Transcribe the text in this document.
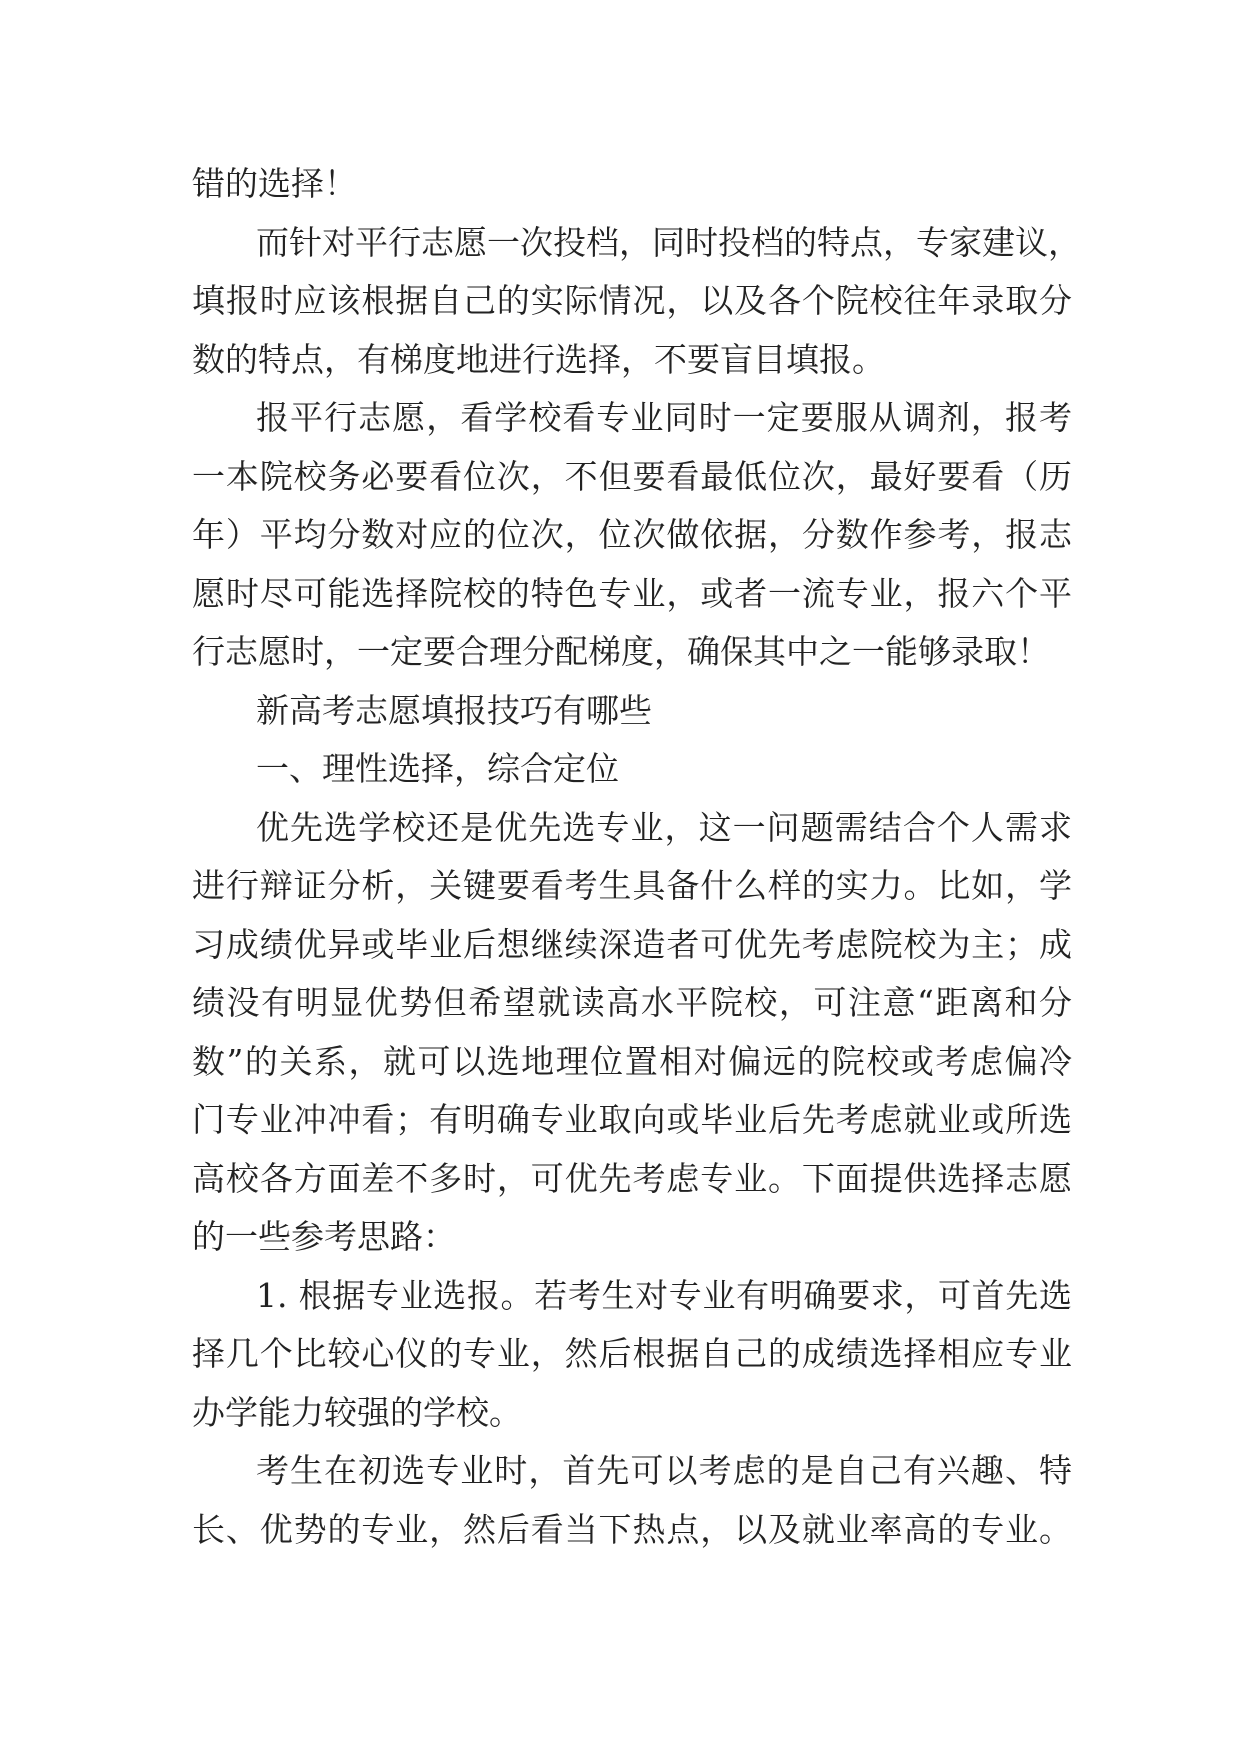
错的选择！
而针对平行志愿一次投档，同时投档的特点，专家建议，
填报时应该根据自己的实际情况，以及各个院校往年录取分
数的特点，有梯度地进行选择，不要盲目填报。
报平行志愿，看学校看专业同时一定要服从调剂，报考
一本院校务必要看位次，不但要看最低位次，最好要看（历
年）平均分数对应的位次，位次做依据，分数作参考，报志
愿时尽可能选择院校的特色专业，或者一流专业，报六个平
行志愿时，一定要合理分配梯度，确保其中之一能够录取！
新高考志愿填报技巧有哪些
一、理性选择，综合定位
优先选学校还是优先选专业，这一问题需结合个人需求
进行辩证分析，关键要看考生具备什么样的实力。比如，学
习成绩优异或毕业后想继续深造者可优先考虑院校为主；成
绩没有明显优势但希望就读高水平院校，可注意“距离和分
数”的关系，就可以选地理位置相对偏远的院校或考虑偏冷
门专业冲冲看；有明确专业取向或毕业后先考虑就业或所选
高校各方面差不多时，可优先考虑专业。下面提供选择志愿
的一些参考思路：
1. 根据专业选报。若考生对专业有明确要求，可首先选
择几个比较心仪的专业，然后根据自己的成绩选择相应专业
办学能力较强的学校。
考生在初选专业时，首先可以考虑的是自己有兴趣、特
长、优势的专业，然后看当下热点，以及就业率高的专业。
